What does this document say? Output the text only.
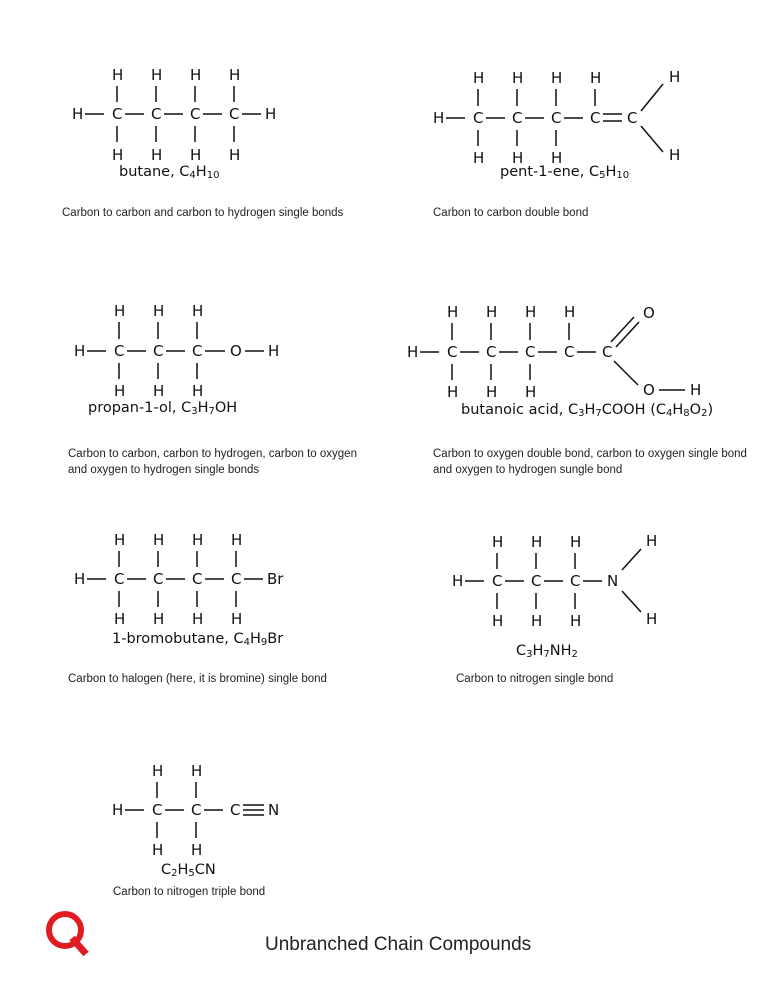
H C C C C H
H
H
H
H
H
H
H
H
H C C C C C
H
H
H
H
H
H
H
H
H
H C C C O H
H
H
H
H
H
H
H C C C C C
O
O H
H
H
H
H
H
H
H
H C C C C Br
H
H
H
H
H
H
H
H
H C C C N
H
H
H
H
H
H
H
H
H C C C N
H
H
H
H
butane, $C_4H_{10}$	pent-1-ene, $C_5H_{10}$
propan-1-ol, $C_3H_7OH$	butanoic acid, $C_3H_7COOH$ $(C_4H_8O_2)$
1-bromobutane, $C_4H_9Br$
$C_3H_7NH_2$
$C_2H_5CN$
Carbon to carbon and carbon to hydrogen single bonds	Carbon to carbon double bond
Carbon to carbon, carbon to hydrogen, carbon to oxygen and oxygen to hydrogen single bonds
Carbon to oxygen double bond, carbon to oxygen single bond and oxygen to hydrogen sungle bond
Carbon to halogen (here, it is bromine) single bond	Carbon to nitrogen single bond
Carbon to nitrogen triple bond
Unbranched Chain Compounds
